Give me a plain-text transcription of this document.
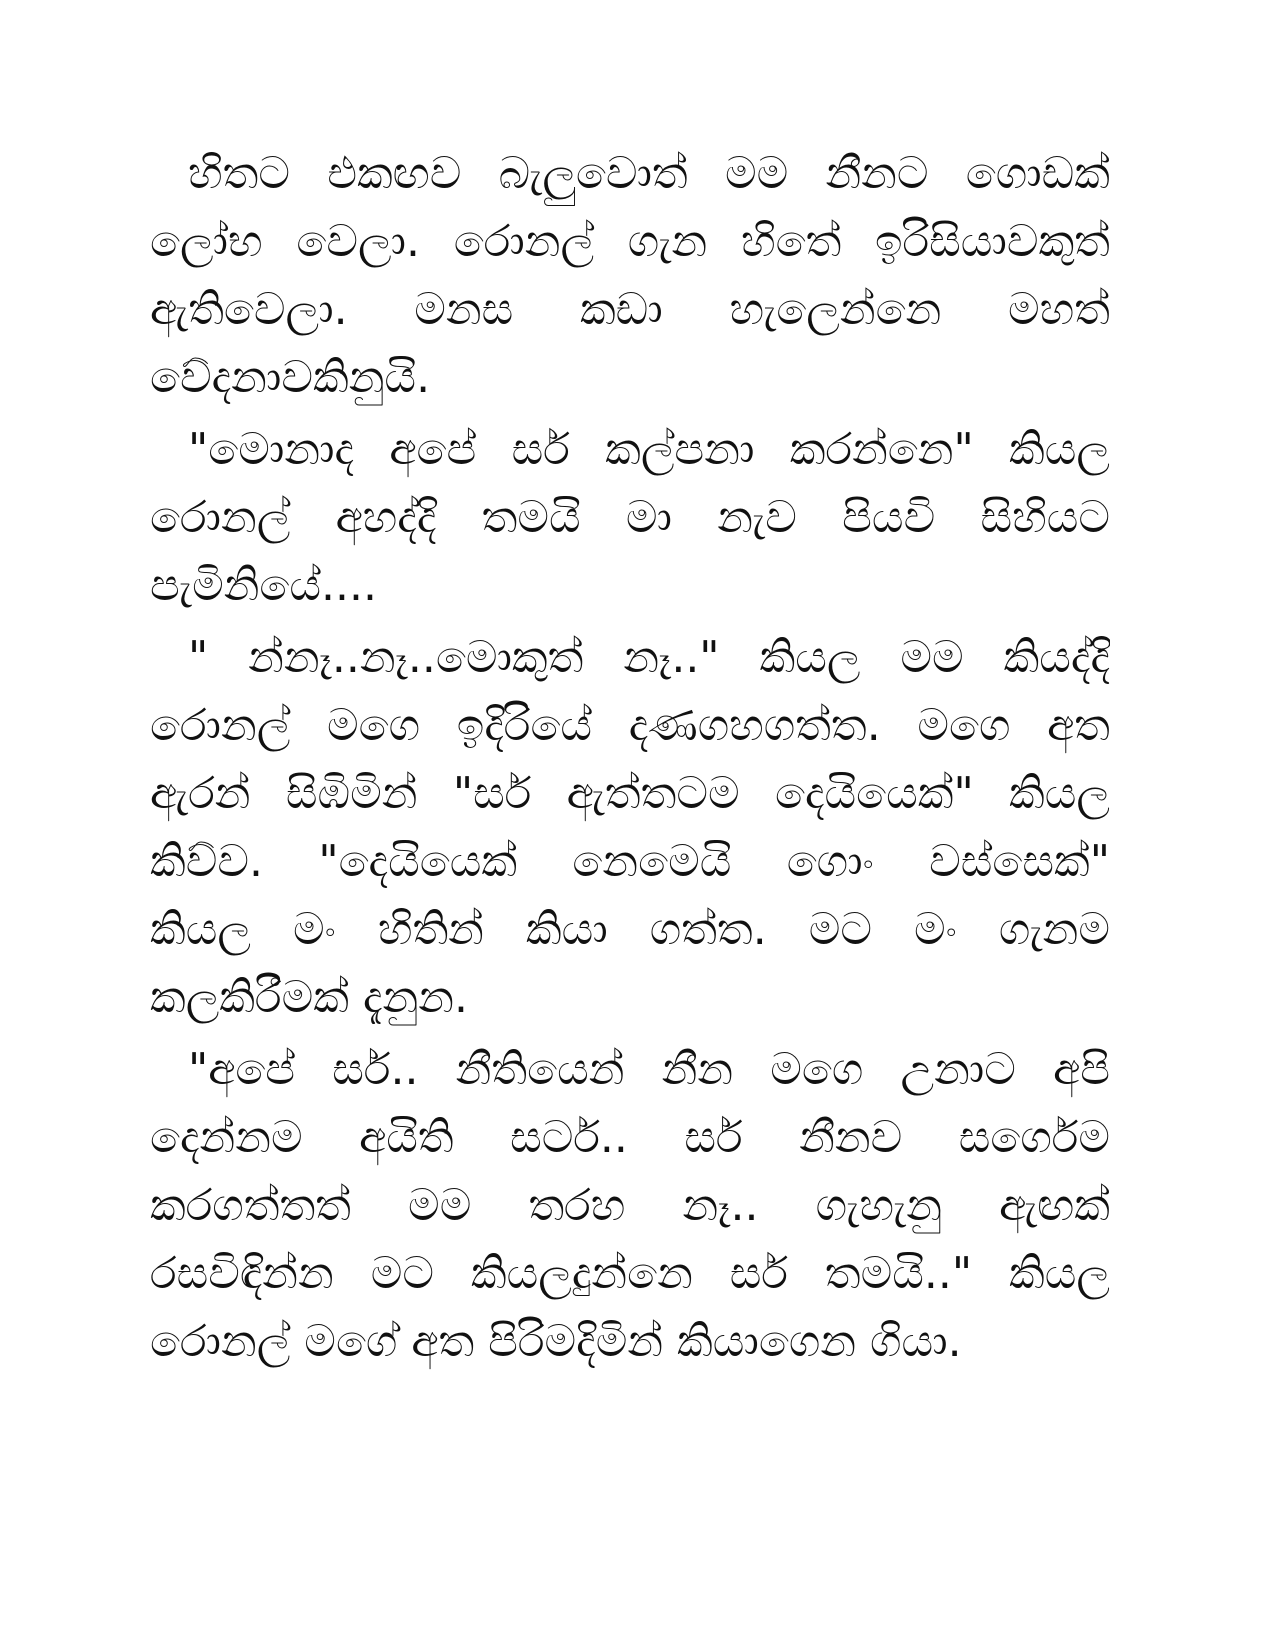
හිතට එකඟව බැලුවොත් මම නීනට ගොඩක්
ලෝභ වෙලා. රොනල් ගැන හිතේ ඉරිසියාවකුත්
ඇතිවෙලා. මනස කඩා හැලෙන්නෙ මහත්
වේදනාවකිනුයි.
"මොනාද අපේ සර් කල්පනා කරන්නෙ" කියල
රොනල් අහද්දි තමයි මා නැව පියවි සිහියට
පැමිනියේ....
" න්නෑ..නෑ..මොකුත් නෑ.." කියල මම කියද්දි
රොනල් මගෙ ඉදිරියේ දණගහගත්ත. මගෙ අත
ඇරන් සිඹිමින් "සර් ඇත්තටම දෙයියෙක්" කියල
කිව්ව. "දෙයියෙක් නෙමෙයි ගොං වස්සෙක්"
කියල මං හිතින් කියා ගත්ත. මට මං ගැනම
කලකිරීමක් දැනුන.
"අපේ සර්.. නීතියෙන් නීන මගෙ උනාට අපි
දෙන්නම අයිති සර්ට.. සර් නීනව සර්ගෙම
කරගත්තත් මම තරහ නෑ.. ගැහැනු ඇඟක්
රසවිඳින්න මට කියලදුන්නෙ සර් තමයි.." කියල
රොනල් මගේ අත පිරිමදිමින් කියාගෙන ගියා.
